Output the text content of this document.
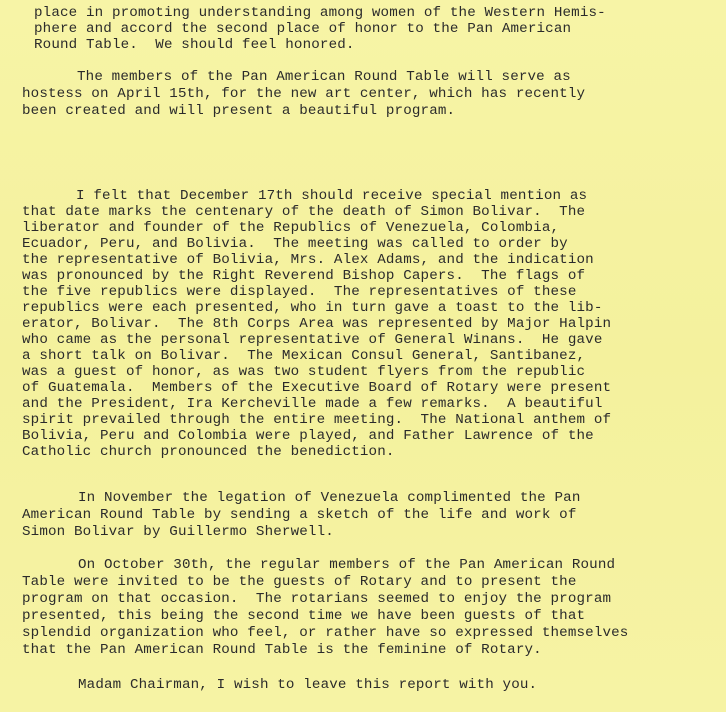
place in promoting understanding among women of the Western Hemis-
phere and accord the second place of honor to the Pan American
Round Table.  We should feel honored.
The members of the Pan American Round Table will serve as
hostess on April 15th, for the new art center, which has recently
been created and will present a beautiful program.
I felt that December 17th should receive special mention as
that date marks the centenary of the death of Simon Bolivar.  The
liberator and founder of the Republics of Venezuela, Colombia,
Ecuador, Peru, and Bolivia.  The meeting was called to order by
the representative of Bolivia, Mrs. Alex Adams, and the indication
was pronounced by the Right Reverend Bishop Capers.  The flags of
the five republics were displayed.  The representatives of these
republics were each presented, who in turn gave a toast to the lib-
erator, Bolivar.  The 8th Corps Area was represented by Major Halpin
who came as the personal representative of General Winans.  He gave
a short talk on Bolivar.  The Mexican Consul General, Santibanez,
was a guest of honor, as was two student flyers from the republic
of Guatemala.  Members of the Executive Board of Rotary were present
and the President, Ira Kercheville made a few remarks.  A beautiful
spirit prevailed through the entire meeting.  The National anthem of
Bolivia, Peru and Colombia were played, and Father Lawrence of the
Catholic church pronounced the benediction.
In November the legation of Venezuela complimented the Pan
American Round Table by sending a sketch of the life and work of
Simon Bolivar by Guillermo Sherwell.
On October 30th, the regular members of the Pan American Round
Table were invited to be the guests of Rotary and to present the
program on that occasion.  The rotarians seemed to enjoy the program
presented, this being the second time we have been guests of that
splendid organization who feel, or rather have so expressed themselves
that the Pan American Round Table is the feminine of Rotary.
Madam Chairman, I wish to leave this report with you.
